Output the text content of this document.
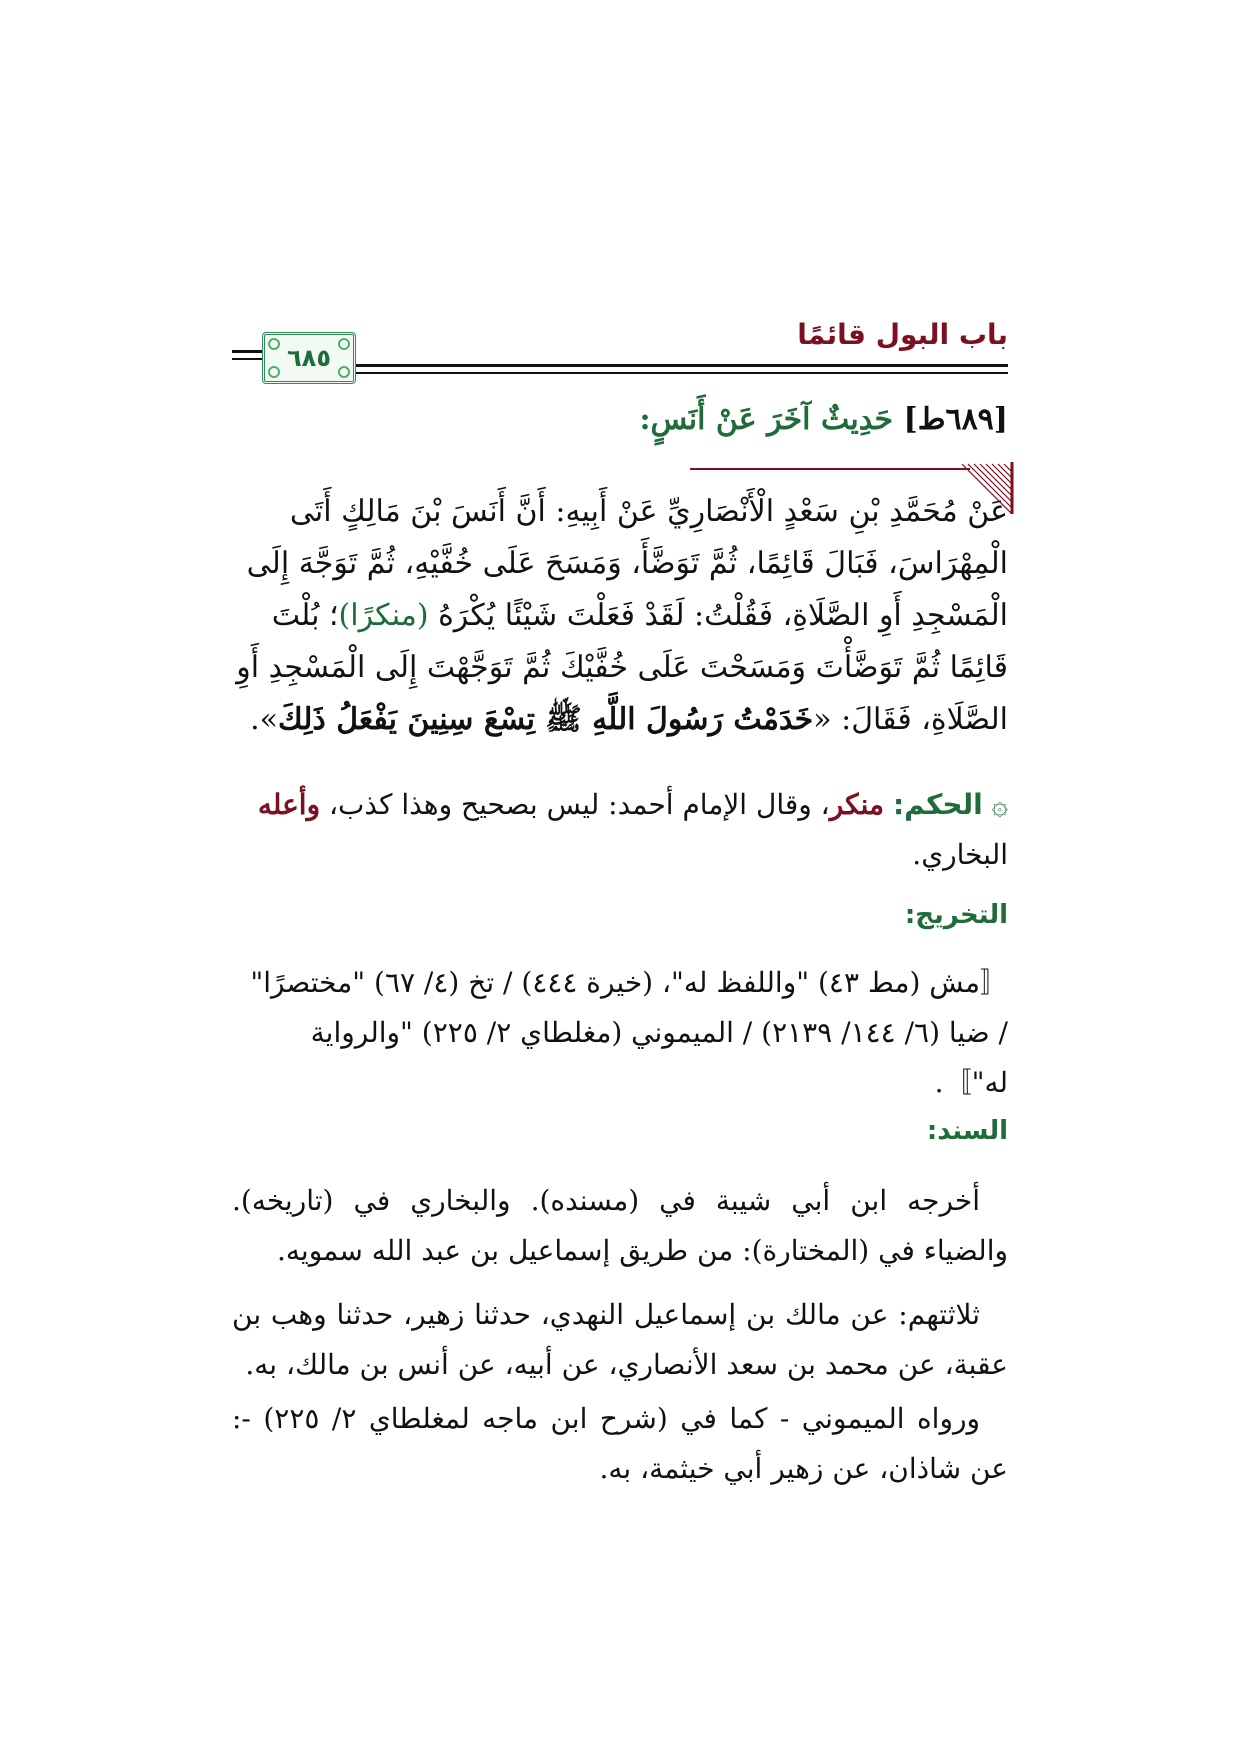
باب البول قائمًا
٦٨٥
[٦٨٩ط] حَدِيثٌ آخَرَ عَنْ أَنَسٍ:

عَنْ مُحَمَّدِ بْنِ سَعْدٍ الْأَنْصَارِيِّ عَنْ أَبِيهِ: أَنَّ أَنَسَ بْنَ مَالِكٍ أَتَى

الْمِهْرَاسَ، فَبَالَ قَائِمًا، ثُمَّ تَوَضَّأَ، وَمَسَحَ عَلَى خُفَّيْهِ، ثُمَّ تَوَجَّهَ إِلَى

الْمَسْجِدِ أَوِ الصَّلَاةِ، فَقُلْتُ: لَقَدْ فَعَلْتَ شَيْئًا يُكْرَهُ (منكرًا)؛ بُلْتَ

قَائِمًا ثُمَّ تَوَضَّأْتَ وَمَسَحْتَ عَلَى خُفَّيْكَ ثُمَّ تَوَجَّهْتَ إِلَى الْمَسْجِدِ أَوِ

الصَّلَاةِ، فَقَالَ: «خَدَمْتُ رَسُولَ اللَّهِ ﷺ تِسْعَ سِنِينَ يَفْعَلُ ذَلِكَ».

۞ الحكم: منكر، وقال الإمام أحمد: ليس بصحيح وهذا كذب، وأعله

البخاري.

التخريج:

〚مش (مط ٤٣) "واللفظ له"، (خيرة ٤٤٤) / تخ (٤/ ٦٧) "مختصرًا"

/ ضيا (٦/ ١٤٤/ ٢١٣٩) / الميموني (مغلطاي ٢/ ٢٢٥) "والرواية

له"〛.

السند:

أخرجه ابن أبي شيبة في (مسنده). والبخاري في (تاريخه). والضياء في (المختارة): من طريق إسماعيل بن عبد الله سمويه.

ثلاثتهم: عن مالك بن إسماعيل النهدي، حدثنا زهير، حدثنا وهب بن عقبة، عن محمد بن سعد الأنصاري، عن أبيه، عن أنس بن مالك، به.

ورواه الميموني - كما في (شرح ابن ماجه لمغلطاي ٢/ ٢٢٥) -: عن شاذان، عن زهير أبي خيثمة، به.
